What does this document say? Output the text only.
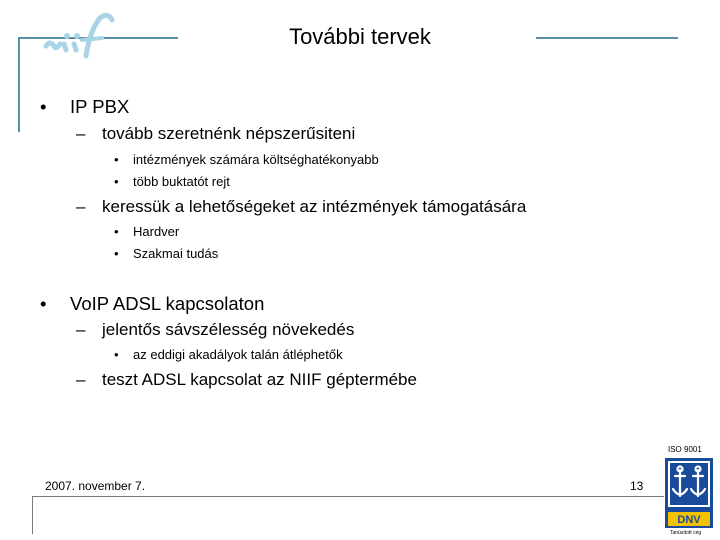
További tervek
• IP PBX
– tovább szeretnénk népszerűsiteni
• intézmények számára költséghatékonyabb
• több buktatót rejt
– keressük a lehetőségeket az intézmények támogatására
• Hardver
• Szakmai tudás
• VoIP ADSL kapcsolaton
– jelentős sávszélesség növekedés
• az eddigi akadályok talán átléphetők
– teszt ADSL kapcsolat az NIIF géptermébe
2007. november 7.	13
ISO 9001
DNV
Tanúsított cég
